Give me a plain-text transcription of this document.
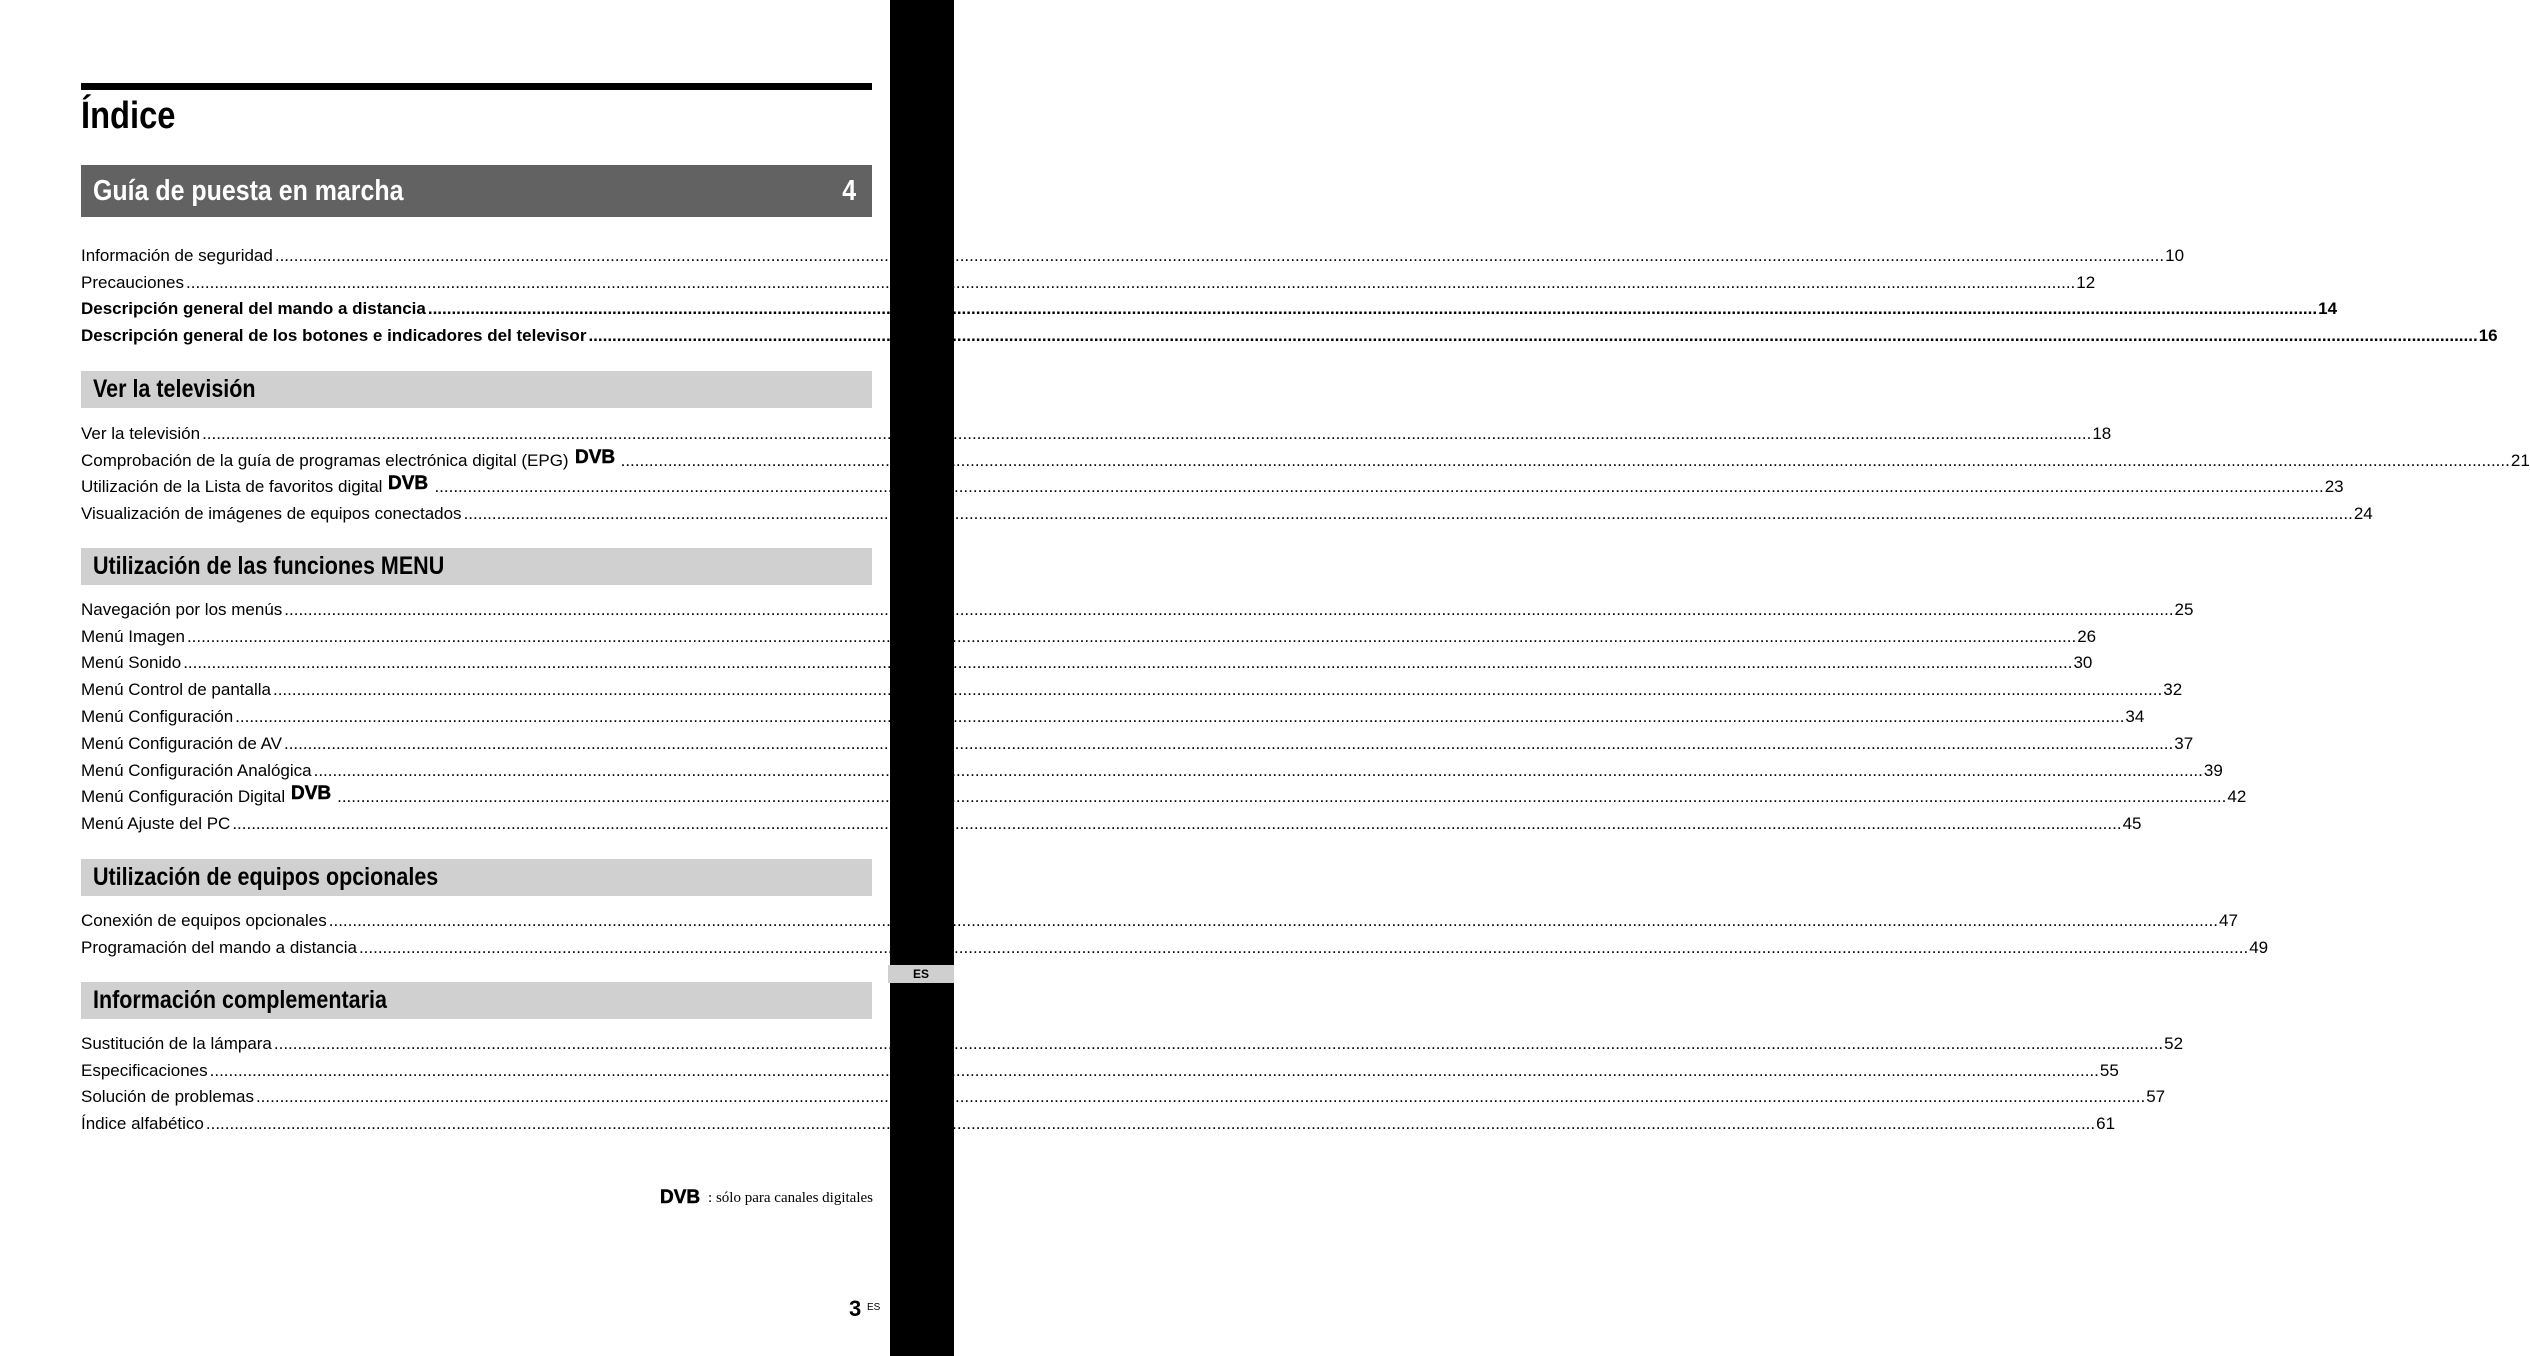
ES
Índice
Guía de puesta en marcha	4
Información de seguridad ................................................................................................................................................................................................................................................................................................................................................................................................................ 10
Precauciones ................................................................................................................................................................................................................................................................................................................................................................................................................ 12
Descripción general del mando a distancia ................................................................................................................................................................................................................................................................................................................................................................................................................ 14
Descripción general de los botones e indicadores del televisor ................................................................................................................................................................................................................................................................................................................................................................................................................ 16
Ver la televisión
Ver la televisión ................................................................................................................................................................................................................................................................................................................................................................................................................ 18
Comprobación de la guía de programas electrónica digital (EPG) DVB ................................................................................................................................................................................................................................................................................................................................................................................................................ 21
Utilización de la Lista de favoritos digital DVB ................................................................................................................................................................................................................................................................................................................................................................................................................ 23
Visualización de imágenes de equipos conectados ................................................................................................................................................................................................................................................................................................................................................................................................................ 24
Utilización de las funciones MENU
Navegación por los menús ................................................................................................................................................................................................................................................................................................................................................................................................................ 25
Menú Imagen ................................................................................................................................................................................................................................................................................................................................................................................................................ 26
Menú Sonido ................................................................................................................................................................................................................................................................................................................................................................................................................ 30
Menú Control de pantalla ................................................................................................................................................................................................................................................................................................................................................................................................................ 32
Menú Configuración ................................................................................................................................................................................................................................................................................................................................................................................................................ 34
Menú Configuración de AV ................................................................................................................................................................................................................................................................................................................................................................................................................ 37
Menú Configuración Analógica ................................................................................................................................................................................................................................................................................................................................................................................................................ 39
Menú Configuración Digital DVB ................................................................................................................................................................................................................................................................................................................................................................................................................ 42
Menú Ajuste del PC ................................................................................................................................................................................................................................................................................................................................................................................................................ 45
Utilización de equipos opcionales
Conexión de equipos opcionales ................................................................................................................................................................................................................................................................................................................................................................................................................ 47
Programación del mando a distancia ................................................................................................................................................................................................................................................................................................................................................................................................................ 49
Información complementaria
Sustitución de la lámpara ................................................................................................................................................................................................................................................................................................................................................................................................................ 52
Especificaciones ................................................................................................................................................................................................................................................................................................................................................................................................................ 55
Solución de problemas ................................................................................................................................................................................................................................................................................................................................................................................................................ 57
Índice alfabético ................................................................................................................................................................................................................................................................................................................................................................................................................ 61
DVB : sólo para canales digitales
3 ES
